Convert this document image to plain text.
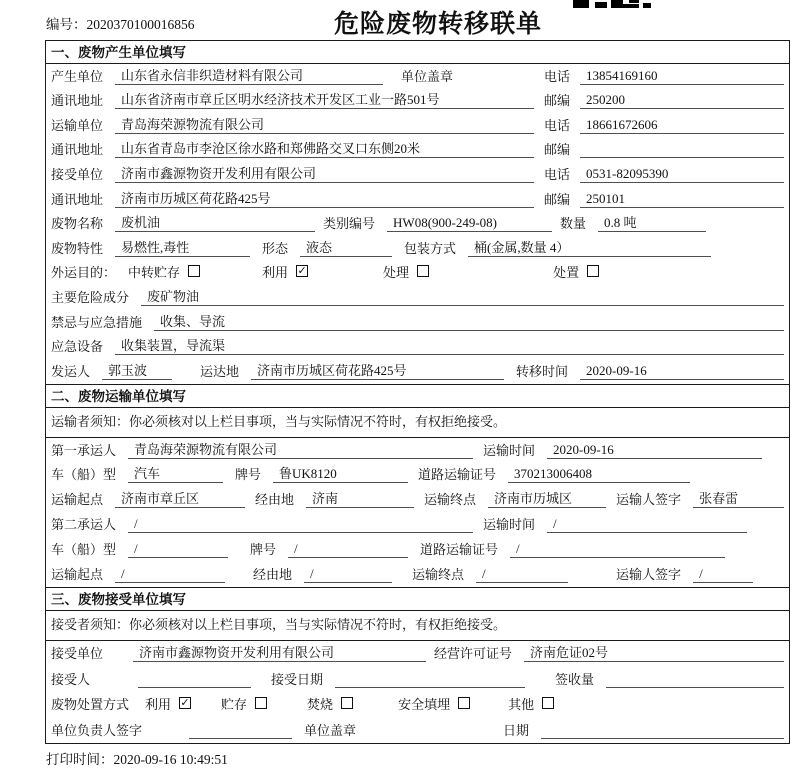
编号：2020370100016856	危险废物转移联单
一、废物产生单位填写
产生单位	山东省永信非织造材料有限公司	单位盖章	电话	13854169160
通讯地址	山东省济南市章丘区明水经济技术开发区工业一路501号	邮编	250200
运输单位	青岛海荣源物流有限公司	电话	18661672606
通讯地址	山东省青岛市李沧区徐水路和郑佛路交叉口东侧20米	邮编
接受单位	济南市鑫源物资开发利用有限公司	电话	0531-82095390
通讯地址	济南市历城区荷花路425号	邮编	250101
废物名称	废机油	类别编号	HW08(900-249-08)	数量	0.8 吨
废物特性	易燃性,毒性	形态	液态	包装方式	桶(金属,数量 4）
外运目的： 中转贮存	利用 ✓	处理	处置
主要危险成分	废矿物油
禁忌与应急措施	收集、导流
应急设备	收集装置，导流渠
发运人	郭玉波	运达地	济南市历城区荷花路425号	转移时间	2020-09-16
二、废物运输单位填写
运输者须知：你必须核对以上栏目事项，当与实际情况不符时，有权拒绝接受。
第一承运人	青岛海荣源物流有限公司	运输时间	2020-09-16
车（船）型	汽车	牌号	鲁UK8120	道路运输证号	370213006408
运输起点	济南市章丘区	经由地	济南	运输终点	济南市历城区	运输人签字	张春雷
第二承运人	/	运输时间	/
车（船）型	/	牌号	/	道路运输证号	/
运输起点	/	经由地	/	运输终点	/	运输人签字	/
三、废物接受单位填写
接受者须知：你必须核对以上栏目事项，当与实际情况不符时，有权拒绝接受。
接受单位	济南市鑫源物资开发利用有限公司	经营许可证号	济南危证02号
接受人	接受日期	签收量
废物处置方式 利用 ✓ 贮存	焚烧	安全填埋	其他
单位负责人签字	单位盖章	日期
打印时间：2020-09-16 10:49:51
